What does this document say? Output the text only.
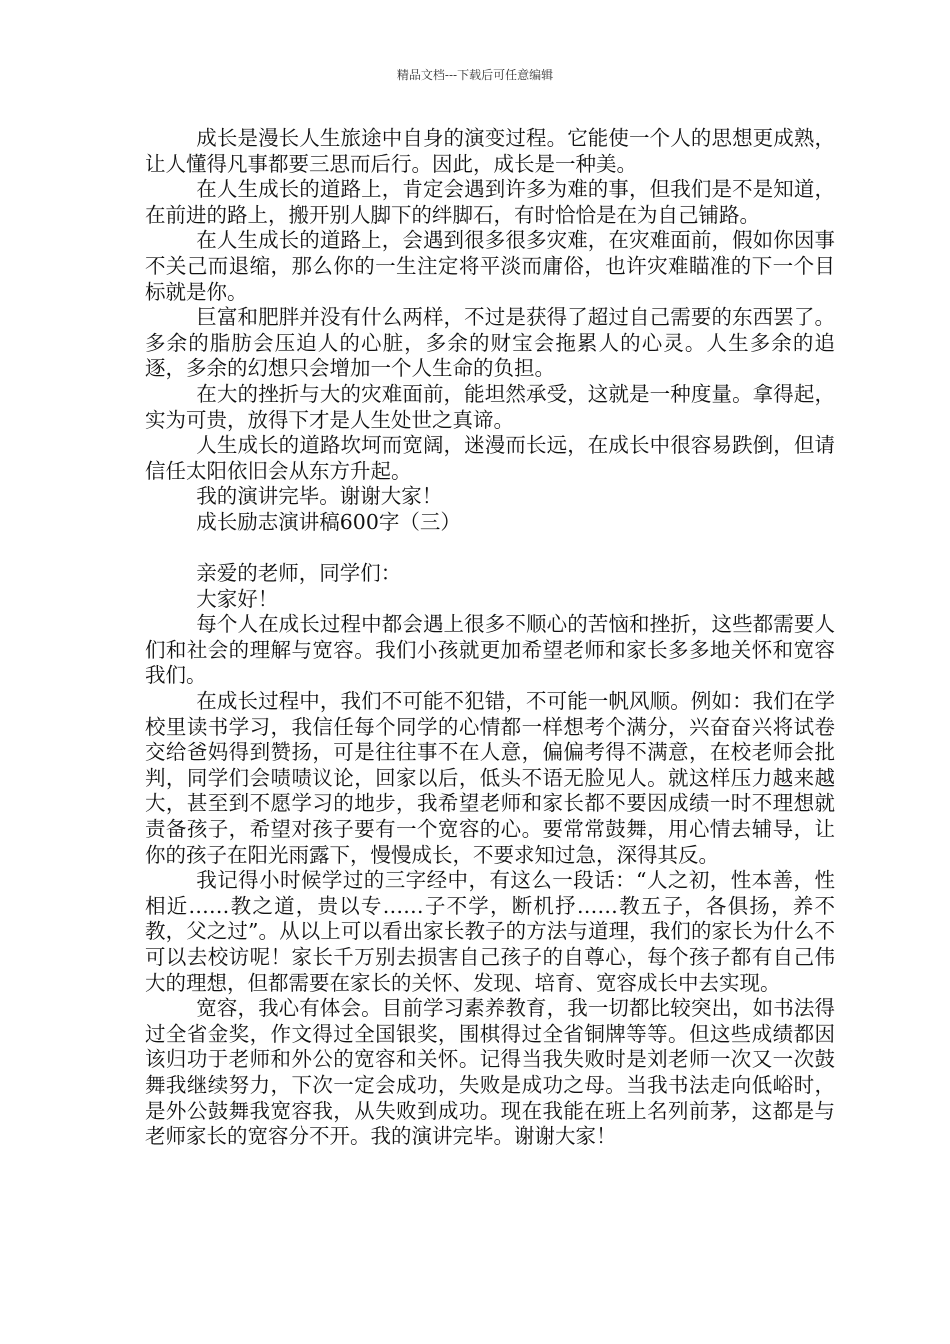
精品文档---下载后可任意编辑

成长是漫长人生旅途中自身的演变过程。它能使一个人的思想更成熟，让人懂得凡事都要三思而后行。因此，成长是一种美。

在人生成长的道路上，肯定会遇到许多为难的事，但我们是不是知道，在前进的路上，搬开别人脚下的绊脚石，有时恰恰是在为自己铺路。

在人生成长的道路上，会遇到很多很多灾难，在灾难面前，假如你因事不关己而退缩，那么你的一生注定将平淡而庸俗，也许灾难瞄准的下一个目标就是你。

巨富和肥胖并没有什么两样，不过是获得了超过自己需要的东西罢了。多余的脂肪会压迫人的心脏，多余的财宝会拖累人的心灵。人生多余的追逐，多余的幻想只会增加一个人生命的负担。

在大的挫折与大的灾难面前，能坦然承受，这就是一种度量。拿得起，实为可贵，放得下才是人生处世之真谛。

人生成长的道路坎坷而宽阔，迷漫而长远，在成长中很容易跌倒，但请信任太阳依旧会从东方升起。

我的演讲完毕。谢谢大家！

成长励志演讲稿600字（三）

亲爱的老师，同学们：

大家好！

每个人在成长过程中都会遇上很多不顺心的苦恼和挫折，这些都需要人们和社会的理解与宽容。我们小孩就更加希望老师和家长多多地关怀和宽容我们。

在成长过程中，我们不可能不犯错，不可能一帆风顺。例如：我们在学校里读书学习，我信任每个同学的心情都一样想考个满分，兴奋奋兴将试卷交给爸妈得到赞扬，可是往往事不在人意，偏偏考得不满意，在校老师会批判，同学们会啧啧议论，回家以后，低头不语无脸见人。就这样压力越来越大，甚至到不愿学习的地步，我希望老师和家长都不要因成绩一时不理想就责备孩子，希望对孩子要有一个宽容的心。要常常鼓舞，用心情去辅导，让你的孩子在阳光雨露下，慢慢成长，不要求知过急，深得其反。

我记得小时候学过的三字经中，有这么一段话：“人之初，性本善，性相近……教之道，贵以专……子不学，断机抒……教五子，各俱扬，养不教，父之过”。从以上可以看出家长教子的方法与道理，我们的家长为什么不可以去校访呢！家长千万别去损害自己孩子的自尊心，每个孩子都有自己伟大的理想，但都需要在家长的关怀、发现、培育、宽容成长中去实现。

宽容，我心有体会。目前学习素养教育，我一切都比较突出，如书法得过全省金奖，作文得过全国银奖，围棋得过全省铜牌等等。但这些成绩都因该归功于老师和外公的宽容和关怀。记得当我失败时是刘老师一次又一次鼓舞我继续努力，下次一定会成功，失败是成功之母。当我书法走向低峪时，是外公鼓舞我宽容我，从失败到成功。现在我能在班上名列前茅，这都是与老师家长的宽容分不开。我的演讲完毕。谢谢大家！
